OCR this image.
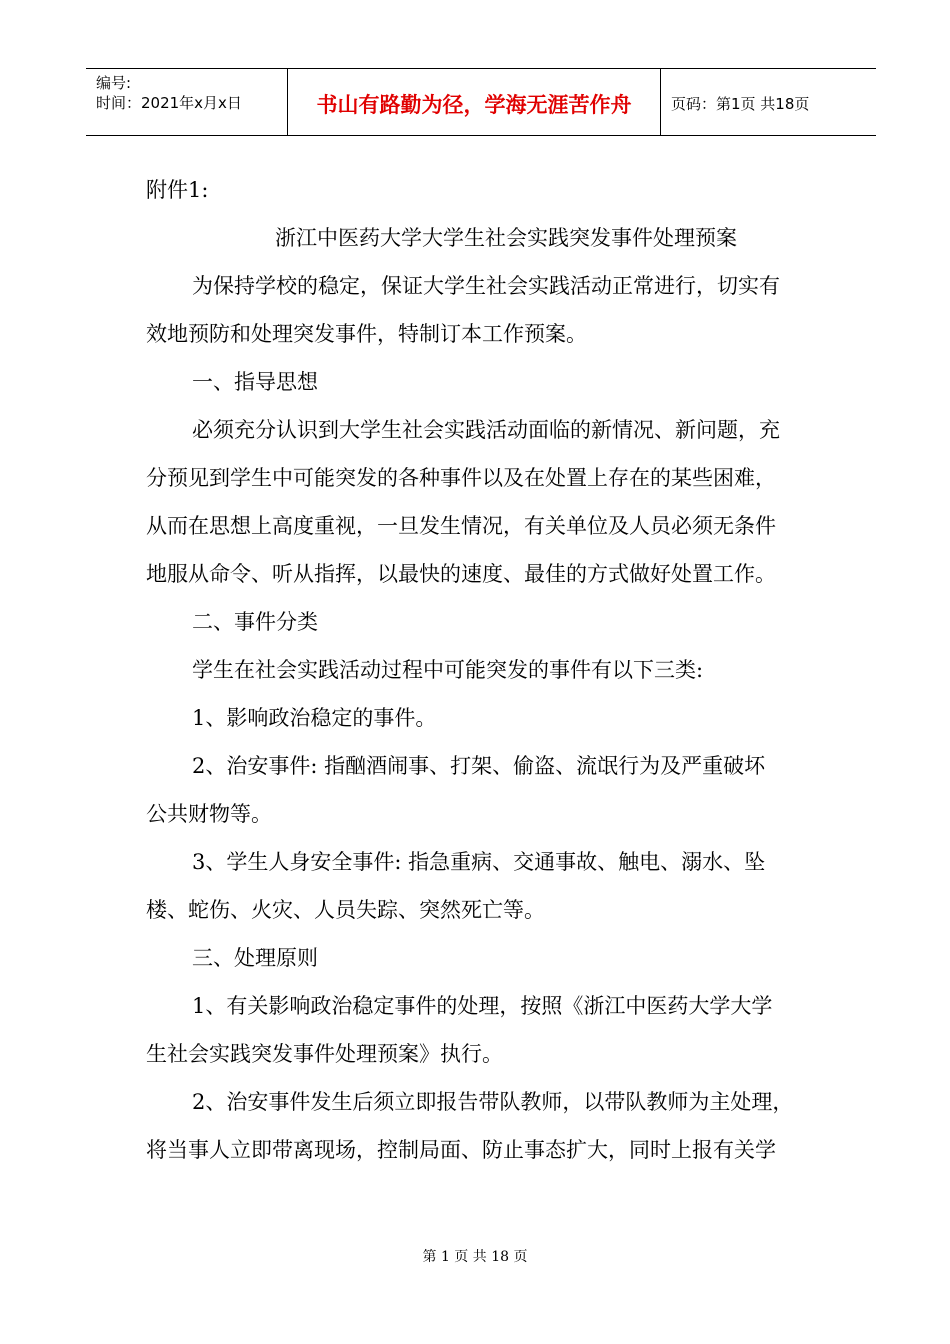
编号:
时间：2021年x月x日	书山有路勤为径，学海无涯苦作舟	页码：第1页 共18页

附件1:

浙江中医药大学大学生社会实践突发事件处理预案

为保持学校的稳定，保证大学生社会实践活动正常进行，切实有

效地预防和处理突发事件，特制订本工作预案。

一、指导思想

必须充分认识到大学生社会实践活动面临的新情况、新问题，充

分预见到学生中可能突发的各种事件以及在处置上存在的某些困难，

从而在思想上高度重视，一旦发生情况，有关单位及人员必须无条件

地服从命令、听从指挥，以最快的速度、最佳的方式做好处置工作。

二、事件分类

学生在社会实践活动过程中可能突发的事件有以下三类:

1、影响政治稳定的事件。

2、治安事件: 指酗酒闹事、打架、偷盗、流氓行为及严重破坏

公共财物等。

3、学生人身安全事件: 指急重病、交通事故、触电、溺水、坠

楼、蛇伤、火灾、人员失踪、突然死亡等。

三、处理原则

1、有关影响政治稳定事件的处理，按照《浙江中医药大学大学

生社会实践突发事件处理预案》执行。

2、治安事件发生后须立即报告带队教师，以带队教师为主处理，

将当事人立即带离现场，控制局面、防止事态扩大，同时上报有关学

第 1 页 共 18 页
